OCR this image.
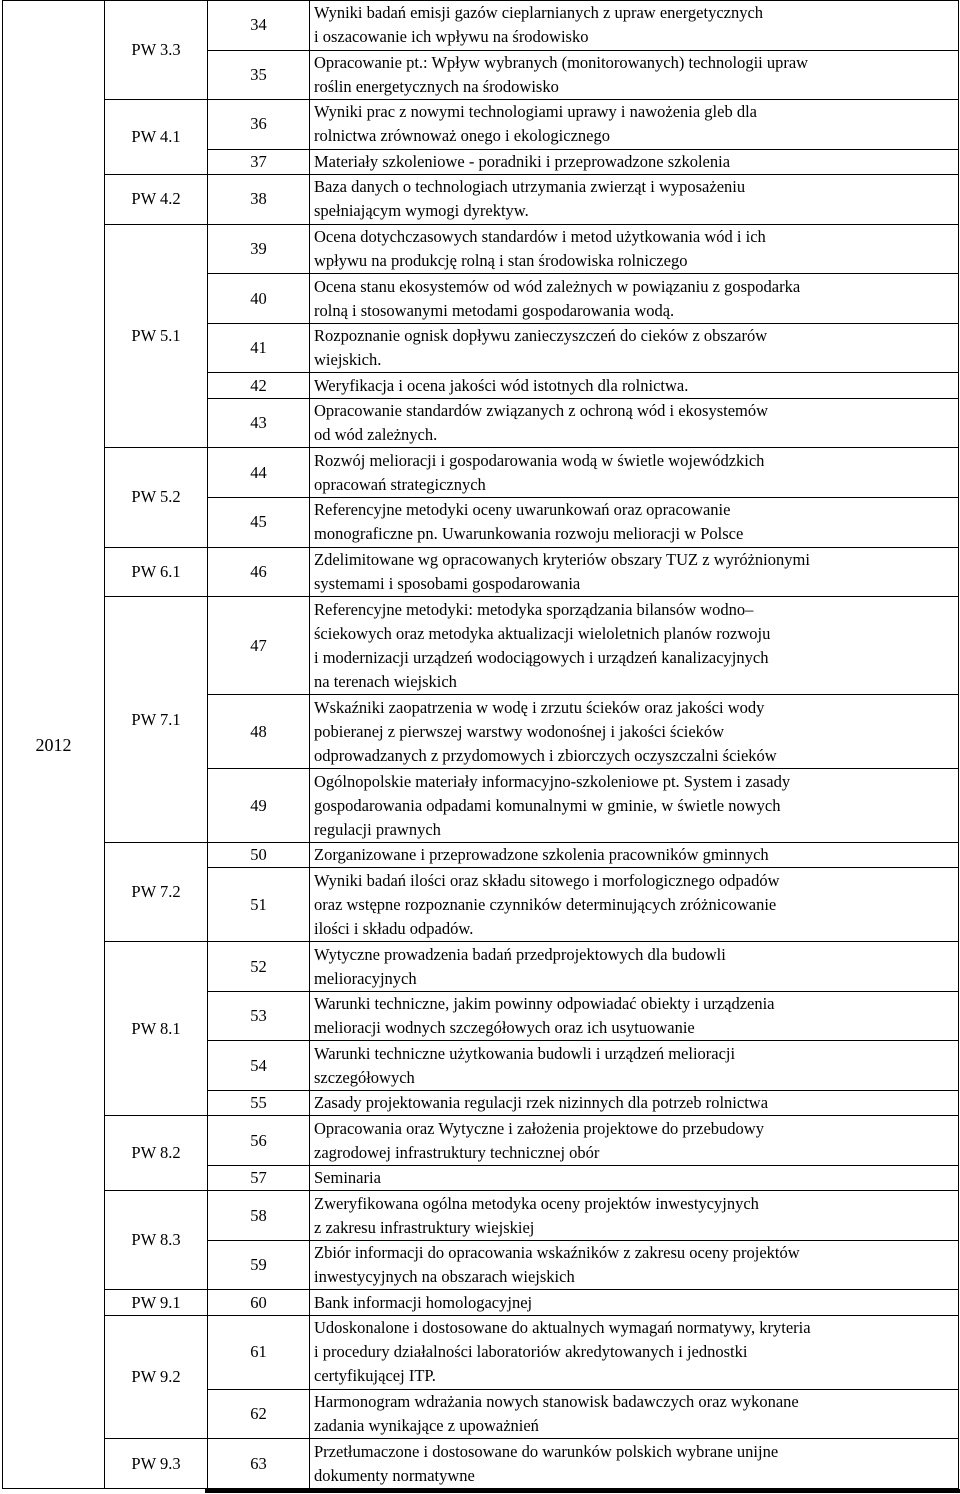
2012	PW 3.3	34	Wyniki badań emisji gazów cieplarnianych z upraw energetycznych
i oszacowanie ich wpływu na środowisko

		35	Opracowanie pt.: Wpływ wybranych (monitorowanych) technologii upraw
roślin energetycznych na środowisko

	PW 4.1	36	Wyniki prac z nowymi technologiami uprawy i nawożenia gleb dla
rolnictwa zrównoważ onego i ekologicznego

		37	Materiały szkoleniowe - poradniki i przeprowadzone szkolenia

	PW 4.2	38	Baza danych o technologiach utrzymania zwierząt i wyposażeniu
spełniającym wymogi dyrektyw.

	PW 5.1	39	Ocena dotychczasowych standardów i metod użytkowania wód i ich
wpływu na produkcję rolną i stan środowiska rolniczego

		40	Ocena stanu ekosystemów od wód zależnych w powiązaniu z gospodarka
rolną i stosowanymi metodami gospodarowania wodą.

		41	Rozpoznanie ognisk dopływu zanieczyszczeń do cieków z obszarów
wiejskich.

		42	Weryfikacja i ocena jakości wód istotnych dla rolnictwa.

		43	Opracowanie standardów związanych z ochroną wód i ekosystemów
od wód zależnych.

	PW 5.2	44	Rozwój melioracji i gospodarowania wodą w świetle wojewódzkich
opracowań strategicznych

		45	Referencyjne metodyki oceny uwarunkowań oraz opracowanie
monograficzne pn. Uwarunkowania rozwoju melioracji w Polsce

	PW 6.1	46	Zdelimitowane wg opracowanych kryteriów obszary TUZ z wyróżnionymi
systemami i sposobami gospodarowania

	PW 7.1	47	Referencyjne metodyki: metodyka sporządzania bilansów wodno–
ściekowych oraz metodyka aktualizacji wieloletnich planów rozwoju
i modernizacji urządzeń wodociągowych i urządzeń kanalizacyjnych
na terenach wiejskich

		48	Wskaźniki zaopatrzenia w wodę i zrzutu ścieków oraz jakości wody
pobieranej z pierwszej warstwy wodonośnej i jakości ścieków
odprowadzanych z przydomowych i zbiorczych oczyszczalni ścieków

		49	Ogólnopolskie materiały informacyjno-szkoleniowe pt. System i zasady
gospodarowania odpadami komunalnymi w gminie, w świetle nowych
regulacji prawnych

	PW 7.2	50	Zorganizowane i przeprowadzone szkolenia pracowników gminnych

		51	Wyniki badań ilości oraz składu sitowego i morfologicznego odpadów
oraz wstępne rozpoznanie czynników determinujących zróżnicowanie
ilości i składu odpadów.

	PW 8.1	52	Wytyczne prowadzenia badań przedprojektowych dla budowli
melioracyjnych

		53	Warunki techniczne, jakim powinny odpowiadać obiekty i urządzenia
melioracji wodnych szczegółowych oraz ich usytuowanie

		54	Warunki techniczne użytkowania budowli i urządzeń melioracji
szczegółowych

		55	Zasady projektowania regulacji rzek nizinnych dla potrzeb rolnictwa

	PW 8.2	56	Opracowania oraz Wytyczne i założenia projektowe do przebudowy
zagrodowej infrastruktury technicznej obór

		57	Seminaria

	PW 8.3	58	Zweryfikowana ogólna metodyka oceny projektów inwestycyjnych
z zakresu infrastruktury wiejskiej

		59	Zbiór informacji do opracowania wskaźników z zakresu oceny projektów
inwestycyjnych na obszarach wiejskich

	PW 9.1	60	Bank informacji homologacyjnej

	PW 9.2	61	Udoskonalone i dostosowane do aktualnych wymagań normatywy, kryteria
i procedury działalności laboratoriów akredytowanych i jednostki
certyfikującej ITP.

		62	Harmonogram wdrażania nowych stanowisk badawczych oraz wykonane
zadania wynikające z upoważnień

	PW 9.3	63	Przetłumaczone i dostosowane do warunków polskich wybrane unijne
dokumenty normatywne
